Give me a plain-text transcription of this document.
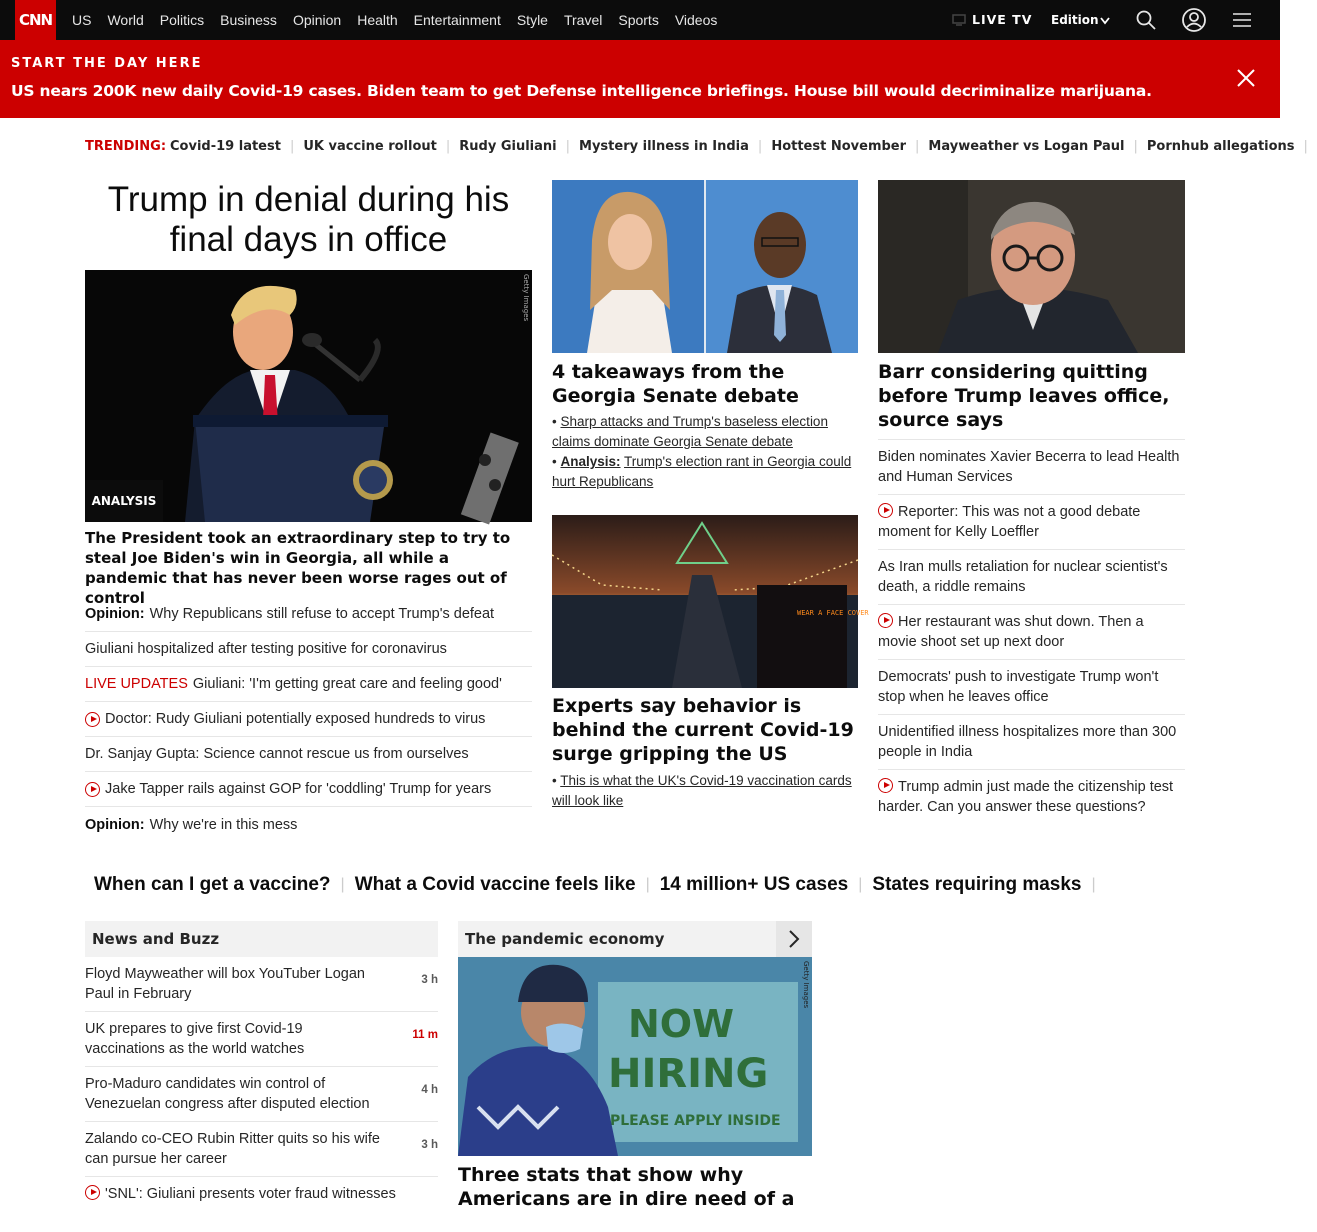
CNN US World Politics Business Opinion Health Entertainment Style Travel Sports Videos	LIVE TV Edition
START THE DAY HERE
US nears 200K new daily Covid-19 cases. Biden team to get Defense intelligence briefings. House bill would decriminalize marijuana.
TRENDING: Covid-19 latest | UK vaccine rollout | Rudy Giuliani | Mystery illness in India | Hottest November | Mayweather vs Logan Paul | Pornhub allegations |
Trump in denial during his final days in office
Getty Images
ANALYSIS
The President took an extraordinary step to try to steal Joe Biden's win in Georgia, all while a pandemic that has never been worse rages out of control
Opinion: Why Republicans still refuse to accept Trump's defeat
Giuliani hospitalized after testing positive for coronavirus
LIVE UPDATES Giuliani: 'I'm getting great care and feeling good'
Doctor: Rudy Giuliani potentially exposed hundreds to virus
Dr. Sanjay Gupta: Science cannot rescue us from ourselves
Jake Tapper rails against GOP for 'coddling' Trump for years
Opinion: Why we're in this mess
4 takeaways from the Georgia Senate debate
• Sharp attacks and Trump's baseless election claims dominate Georgia Senate debate
• Analysis: Trump's election rant in Georgia could hurt Republicans
WEAR A FACE COVER
Experts say behavior is behind the current Covid-19 surge gripping the US
• This is what the UK's Covid-19 vaccination cards will look like
Barr considering quitting before Trump leaves office, source says
Biden nominates Xavier Becerra to lead Health and Human Services
Reporter: This was not a good debate moment for Kelly Loeffler
As Iran mulls retaliation for nuclear scientist's death, a riddle remains
Her restaurant was shut down. Then a movie shoot set up next door
Democrats' push to investigate Trump won't stop when he leaves office
Unidentified illness hospitalizes more than 300 people in India
Trump admin just made the citizenship test harder. Can you answer these questions?
When can I get a vaccine? | What a Covid vaccine feels like | 14 million+ US cases | States requiring masks |
News and Buzz
Floyd Mayweather will box YouTuber Logan Paul in February
3 h
UK prepares to give first Covid-19 vaccinations as the world watches
11 m
Pro-Maduro candidates win control of Venezuelan congress after disputed election
4 h
Zalando co-CEO Rubin Ritter quits so his wife can pursue her career
3 h
'SNL': Giuliani presents voter fraud witnesses
The pandemic economy
NOW
HIRING
PLEASE APPLY INSIDE
Getty Images
Three stats that show why Americans are in dire need of a
